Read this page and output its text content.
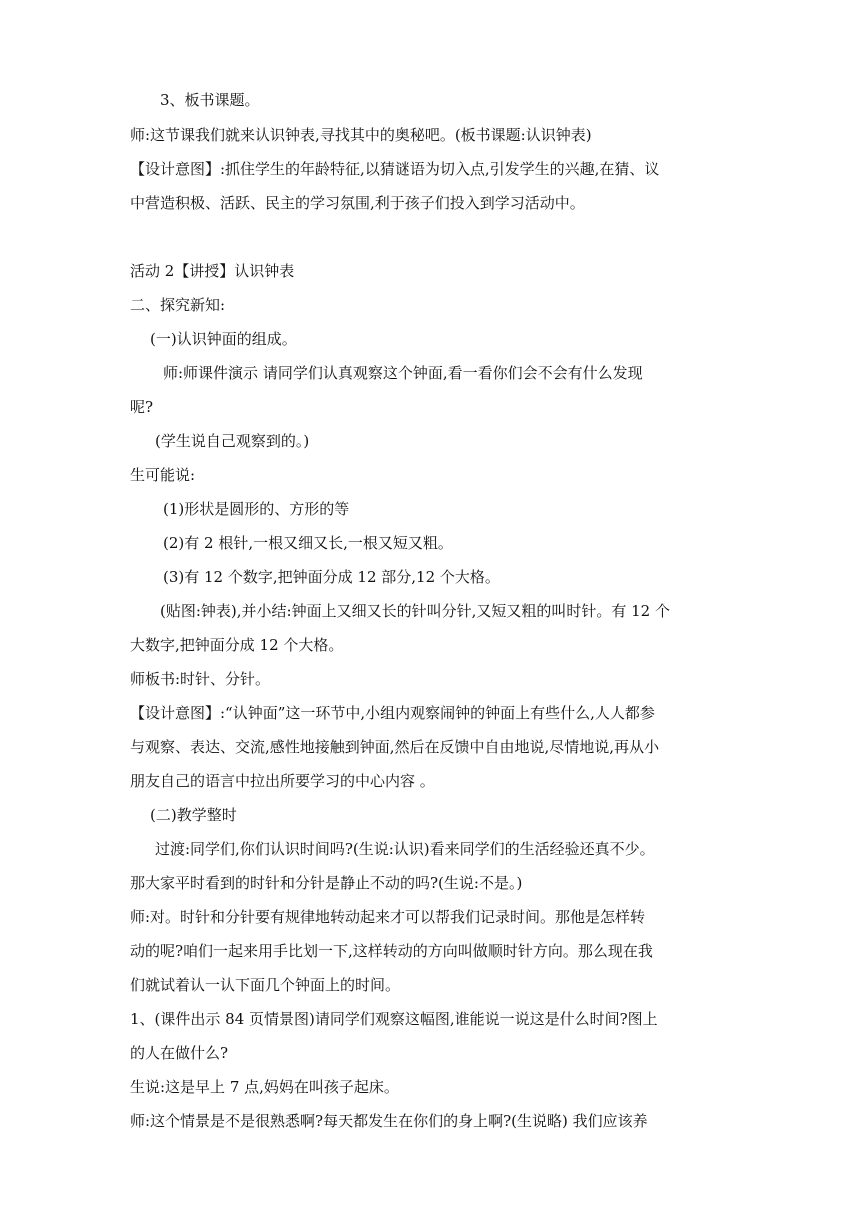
3、板书课题。
师:这节课我们就来认识钟表,寻找其中的奥秘吧。(板书课题:认识钟表)
【设计意图】:抓住学生的年龄特征,以猜谜语为切入点,引发学生的兴趣,在猜、议
中营造积极、活跃、民主的学习氛围,利于孩子们投入到学习活动中。
活动 2【讲授】认识钟表
二、探究新知:
(一)认识钟面的组成。
师:师课件演示 请同学们认真观察这个钟面,看一看你们会不会有什么发现
呢?
(学生说自己观察到的。)
生可能说:
(1)形状是圆形的、方形的等
(2)有 2 根针,一根又细又长,一根又短又粗。
(3)有 12 个数字,把钟面分成 12 部分,12 个大格。
(贴图:钟表),并小结:钟面上又细又长的针叫分针,又短又粗的叫时针。有 12 个
大数字,把钟面分成 12 个大格。
师板书:时针、分针。
【设计意图】:“认钟面”这一环节中,小组内观察闹钟的钟面上有些什么,人人都参
与观察、表达、交流,感性地接触到钟面,然后在反馈中自由地说,尽情地说,再从小
朋友自己的语言中拉出所要学习的中心内容 。
(二)教学整时
过渡:同学们,你们认识时间吗?(生说:认识)看来同学们的生活经验还真不少。
那大家平时看到的时针和分针是静止不动的吗?(生说:不是。)
师:对。时针和分针要有规律地转动起来才可以帮我们记录时间。那他是怎样转
动的呢?咱们一起来用手比划一下,这样转动的方向叫做顺时针方向。那么现在我
们就试着认一认下面几个钟面上的时间。
1、(课件出示 84 页情景图)请同学们观察这幅图,谁能说一说这是什么时间?图上
的人在做什么?
生说:这是早上 7 点,妈妈在叫孩子起床。
师:这个情景是不是很熟悉啊?每天都发生在你们的身上啊?(生说略) 我们应该养
